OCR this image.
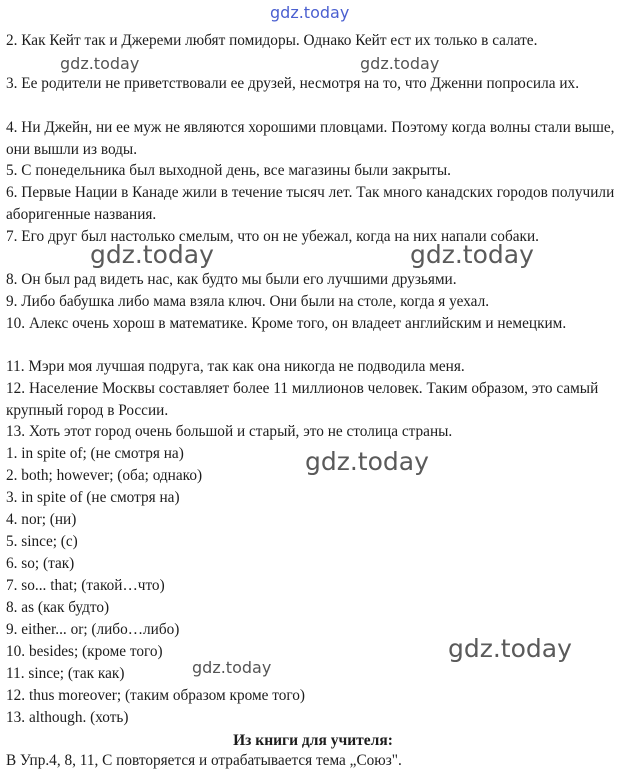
2. Как Кейт так и Джереми любят помидоры. Однако Кейт ест их только в салате.

3. Ее родители не приветствовали ее друзей, несмотря на то, что Дженни попросила их.

4. Ни Джейн, ни ее муж не являются хорошими пловцами. Поэтому когда волны стали выше, они вышли из воды.

5. С понедельника был выходной день, все магазины были закрыты.

6. Первые Нации в Канаде жили в течение тысяч лет. Так много канадских городов получили аборигенные названия.

7. Его друг был настолько смелым, что он не убежал, когда на них напали собаки.

8. Он был рад видеть нас, как будто мы были его лучшими друзьями.

9. Либо бабушка либо мама взяла ключ. Они были на столе, когда я уехал.

10. Алекс очень хорош в математике. Кроме того, он владеет английским и немецким.

11. Мэри моя лучшая подруга, так как она никогда не подводила меня.

12. Население Москвы составляет более 11 миллионов человек. Таким образом, это самый крупный город в России.

13. Хоть этот город очень большой и старый, это не столица страны.

1. in spite of; (не смотря на)
2. both; however; (оба; однако)
3. in spite of (не смотря на)
4. nor; (ни)
5. since; (с)
6. so; (так)
7. so... that; (такой…что)
8. as (как будто)
9. either... or; (либо…либо)
10. besides; (кроме того)
11. since; (так как)
12. thus moreover; (таким образом кроме того)
13. although. (хоть)
Из книги для учителя:
В Упр.4, 8, 11, С повторяется и отрабатывается тема „Союз".
gdz.today
gdz.today	gdz.today
gdz.today	gdz.today
gdz.today
gdz.today
gdz.today
